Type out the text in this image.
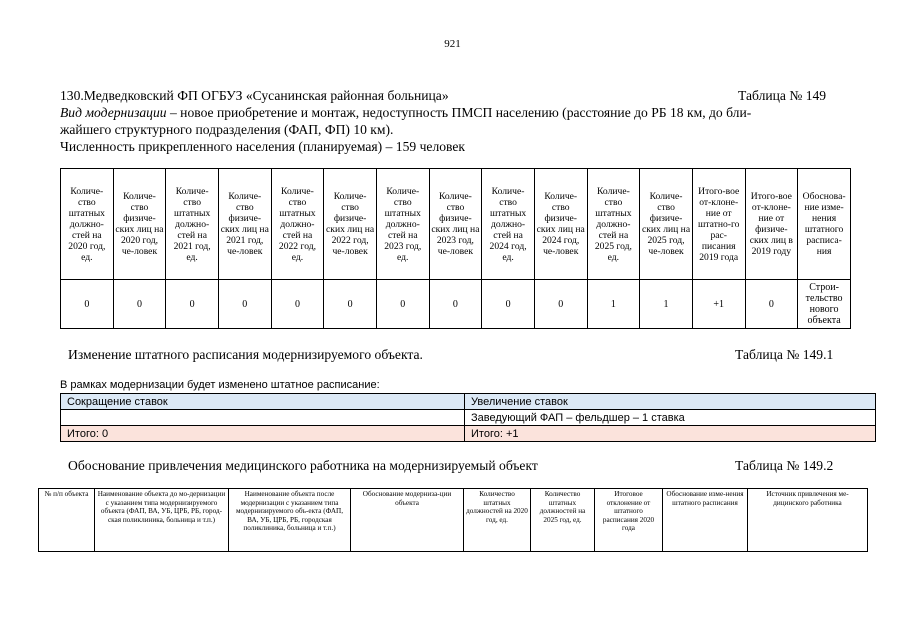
921
130.Медведковский ФП ОГБУЗ «Сусанинская районная больница»	Таблица № 149
Вид модернизации – новое приобретение и монтаж, недоступность ПМСП населению (расстояние до РБ 18 км, до бли-
жайшего структурного подразделения (ФАП, ФП) 10 км).
Численность прикрепленного населения (планируемая) – 159 человек
Количе-ство штатных должно-стей на 2020 год, ед.	Количе-ство физиче-ских лиц на 2020 год, че-ловек	Количе-ство штатных должно-стей на 2021 год, ед.	Количе-ство физиче-ских лиц на 2021 год, че-ловек	Количе-ство штатных должно-стей на 2022 год, ед.	Количе-ство физиче-ских лиц на 2022 год, че-ловек	Количе-ство штатных должно-стей на 2023 год, ед.	Количе-ство физиче-ских лиц на 2023 год, че-ловек	Количе-ство штатных должно-стей на 2024 год, ед.	Количе-ство физиче-ских лиц на 2024 год, че-ловек	Количе-ство штатных должно-стей на 2025 год, ед.	Количе-ство физиче-ских лиц на 2025 год, че-ловек	Итого-вое от-клоне-ние от штатно-го рас-писания 2019 года	Итого-вое от-клоне-ние от физиче-ских лиц в 2019 году	Обоснова-ние изме-нения штатного расписа-ния
0	0	0	0	0	0	0	0	0	0	1	1	+1	0	Строи-тельство нового объекта
Изменение штатного расписания модернизируемого объекта.	Таблица № 149.1
В рамках модернизации будет изменено штатное расписание:
Сокращение ставок	Увеличение ставок
	Заведующий ФАП – фельдшер – 1 ставка
Итого: 0	Итого: +1
Обоснование привлечения медицинского работника на модернизируемый объект	Таблица № 149.2
№ п/п объекта	Наименование объекта до мо-дернизации с указанием типа модернизируемого объекта (ФАП, ВА, УБ, ЦРБ, РБ, город-ская поликлиника, больница и т.п.)	Наименование объекта после модернизации с указанием типа модернизируемого объ-екта (ФАП, ВА, УБ, ЦРБ, РБ, городская поликлиника, больница и т.п.)	Обоснование модерниза-ции объекта	Количество штатных должностей на 2020 год, ед.	Количество штатных должностей на 2025 год, ед.	Итоговое отклонение от штатного расписания 2020 года	Обоснование изме-нения штатного расписания	Источник привлечения ме-дицинского работника
